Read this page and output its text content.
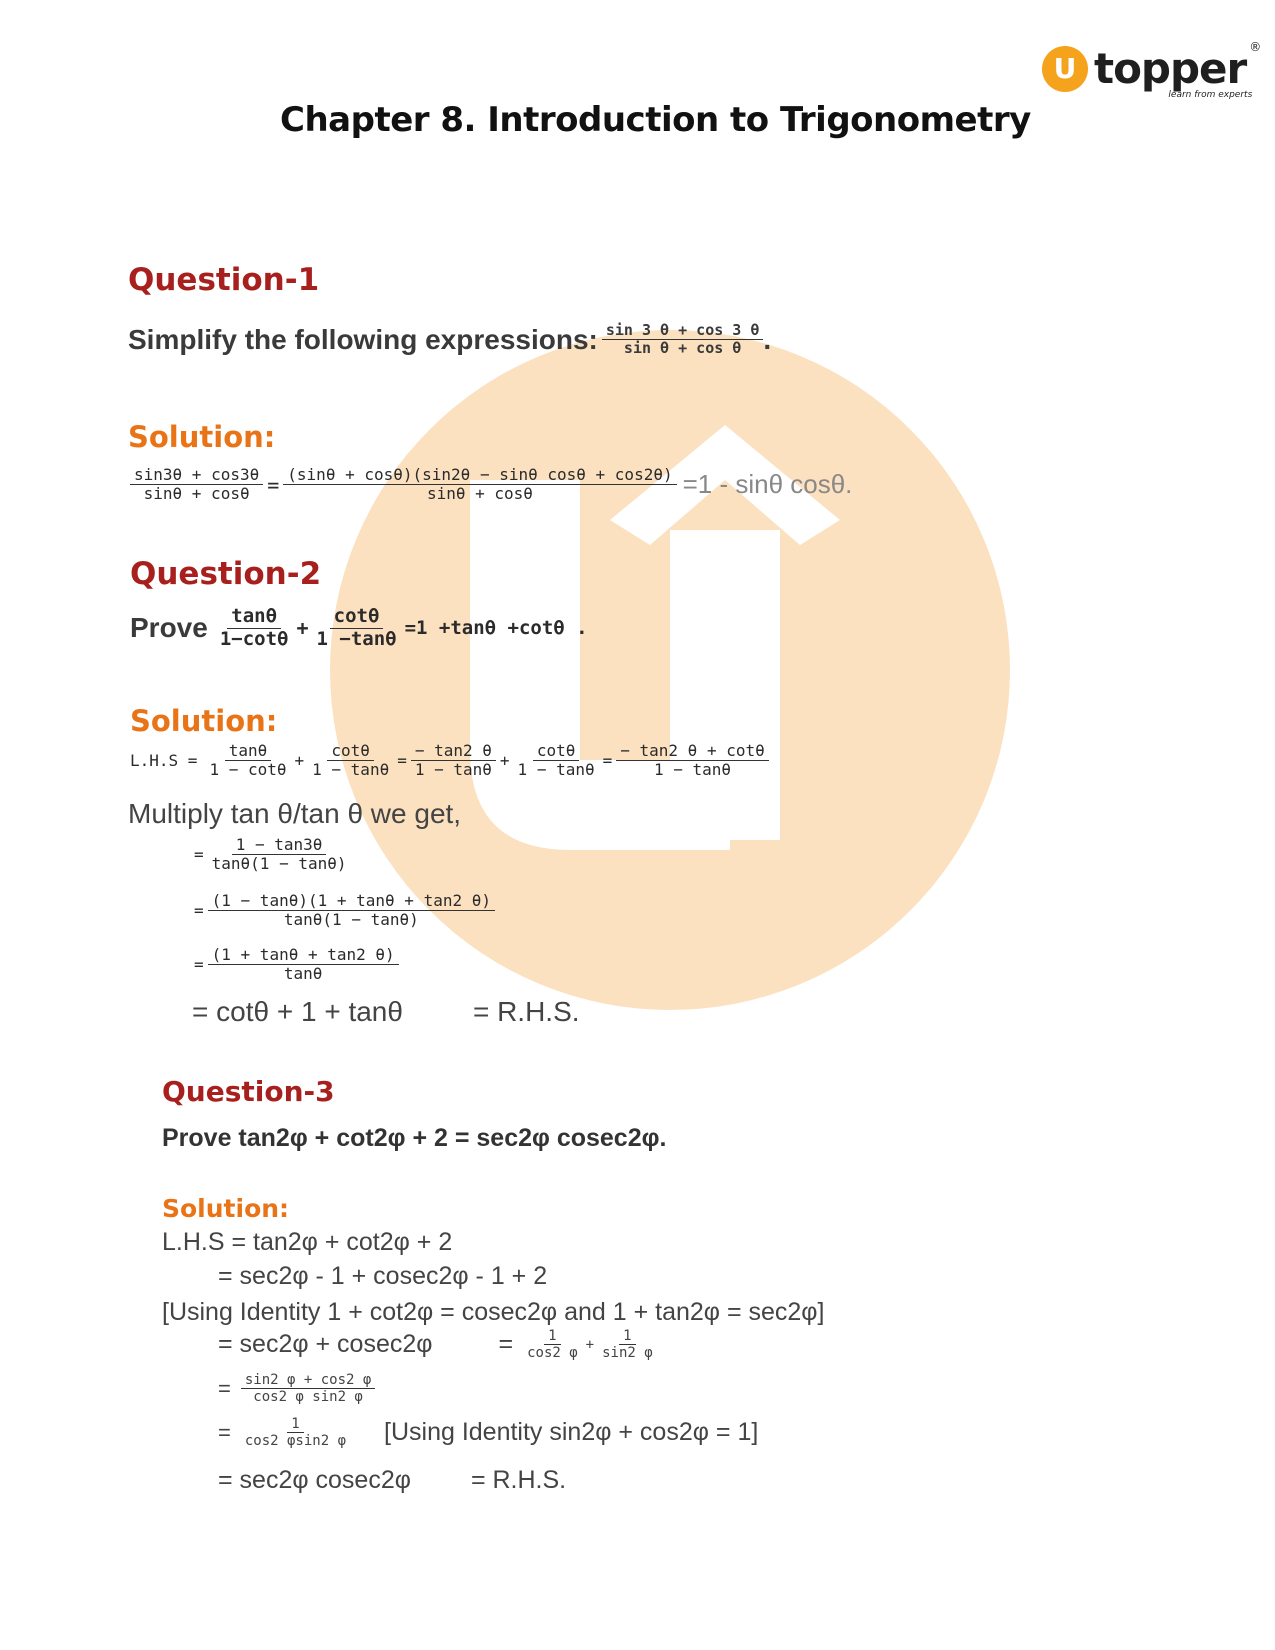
U topper ®
learn from experts
Chapter 8. Introduction to Trigonometry
Question-1
Simplify the following expressions: $\frac{\sin 3 \theta + \cos 3 \theta}{\text{sin θ + cos θ}}$ .
Solution:
$\frac{\sin 3\theta + \cos 3\theta}{\sin\theta + \cos\theta} = \frac{\text{(sinθ + cosθ)(sin2θ − sinθ cosθ + cos2θ)}}{\sin\theta + \cos\theta} =1 - \sin\theta$ cosθ.
Question-2
Prove $\frac{\tan\theta}{1-\cot\theta} + \frac{\cot\theta}{1 -\tan\theta} =1 +\tan\theta +\cot\theta$ .
Solution:
$L.H.S = \frac{\tan\theta}{1 - \cot\theta} + \frac{\cot\theta}{1 - \tan\theta} = \frac{- \tan 2 \theta}{1 - \tan\theta} + \frac{\cot\theta}{1 - \tan\theta} = \frac{- \tan 2 \theta + \cot\theta}{1 - \tan\theta}$
Multiply tan θ/tan θ we get,
= $\frac{1 - \tan 3\theta}{\tan\theta(1 - \tan\theta)}$
= $\frac{(1 - \tan\theta)(1 + \tan\theta + \tan 2 \theta)}{\tan\theta(1 - \tan\theta)}$
= $\frac{(1 + \tan\theta + \tan 2 \theta)}{\tan\theta}$
= cotθ + 1 + tanθ	= R.H.S.
Question-3
Prove tan2φ + cot2φ + 2 = sec2φ cosec2φ.
Solution:
L.H.S = tan2φ + cot2φ + 2
= sec2φ - 1 + cosec2φ - 1 + 2
[Using Identity 1 + cot2φ = cosec2φ and 1 + tan2φ = sec2φ]
= sec2φ + cosec2φ	= $\frac{1}{\cos 2 \varphi} + \frac{1}{\sin 2 \varphi}$
= $\frac{\sin 2 \varphi + \cos 2 \varphi}{\text{cos2 φ sin2 φ}}$
= $\frac{1}{\cos 2 \varphi\sin 2 \varphi} [Using$ Identity sin2φ + cos2φ = 1]
= sec2φ cosec2φ = R.H.S.
